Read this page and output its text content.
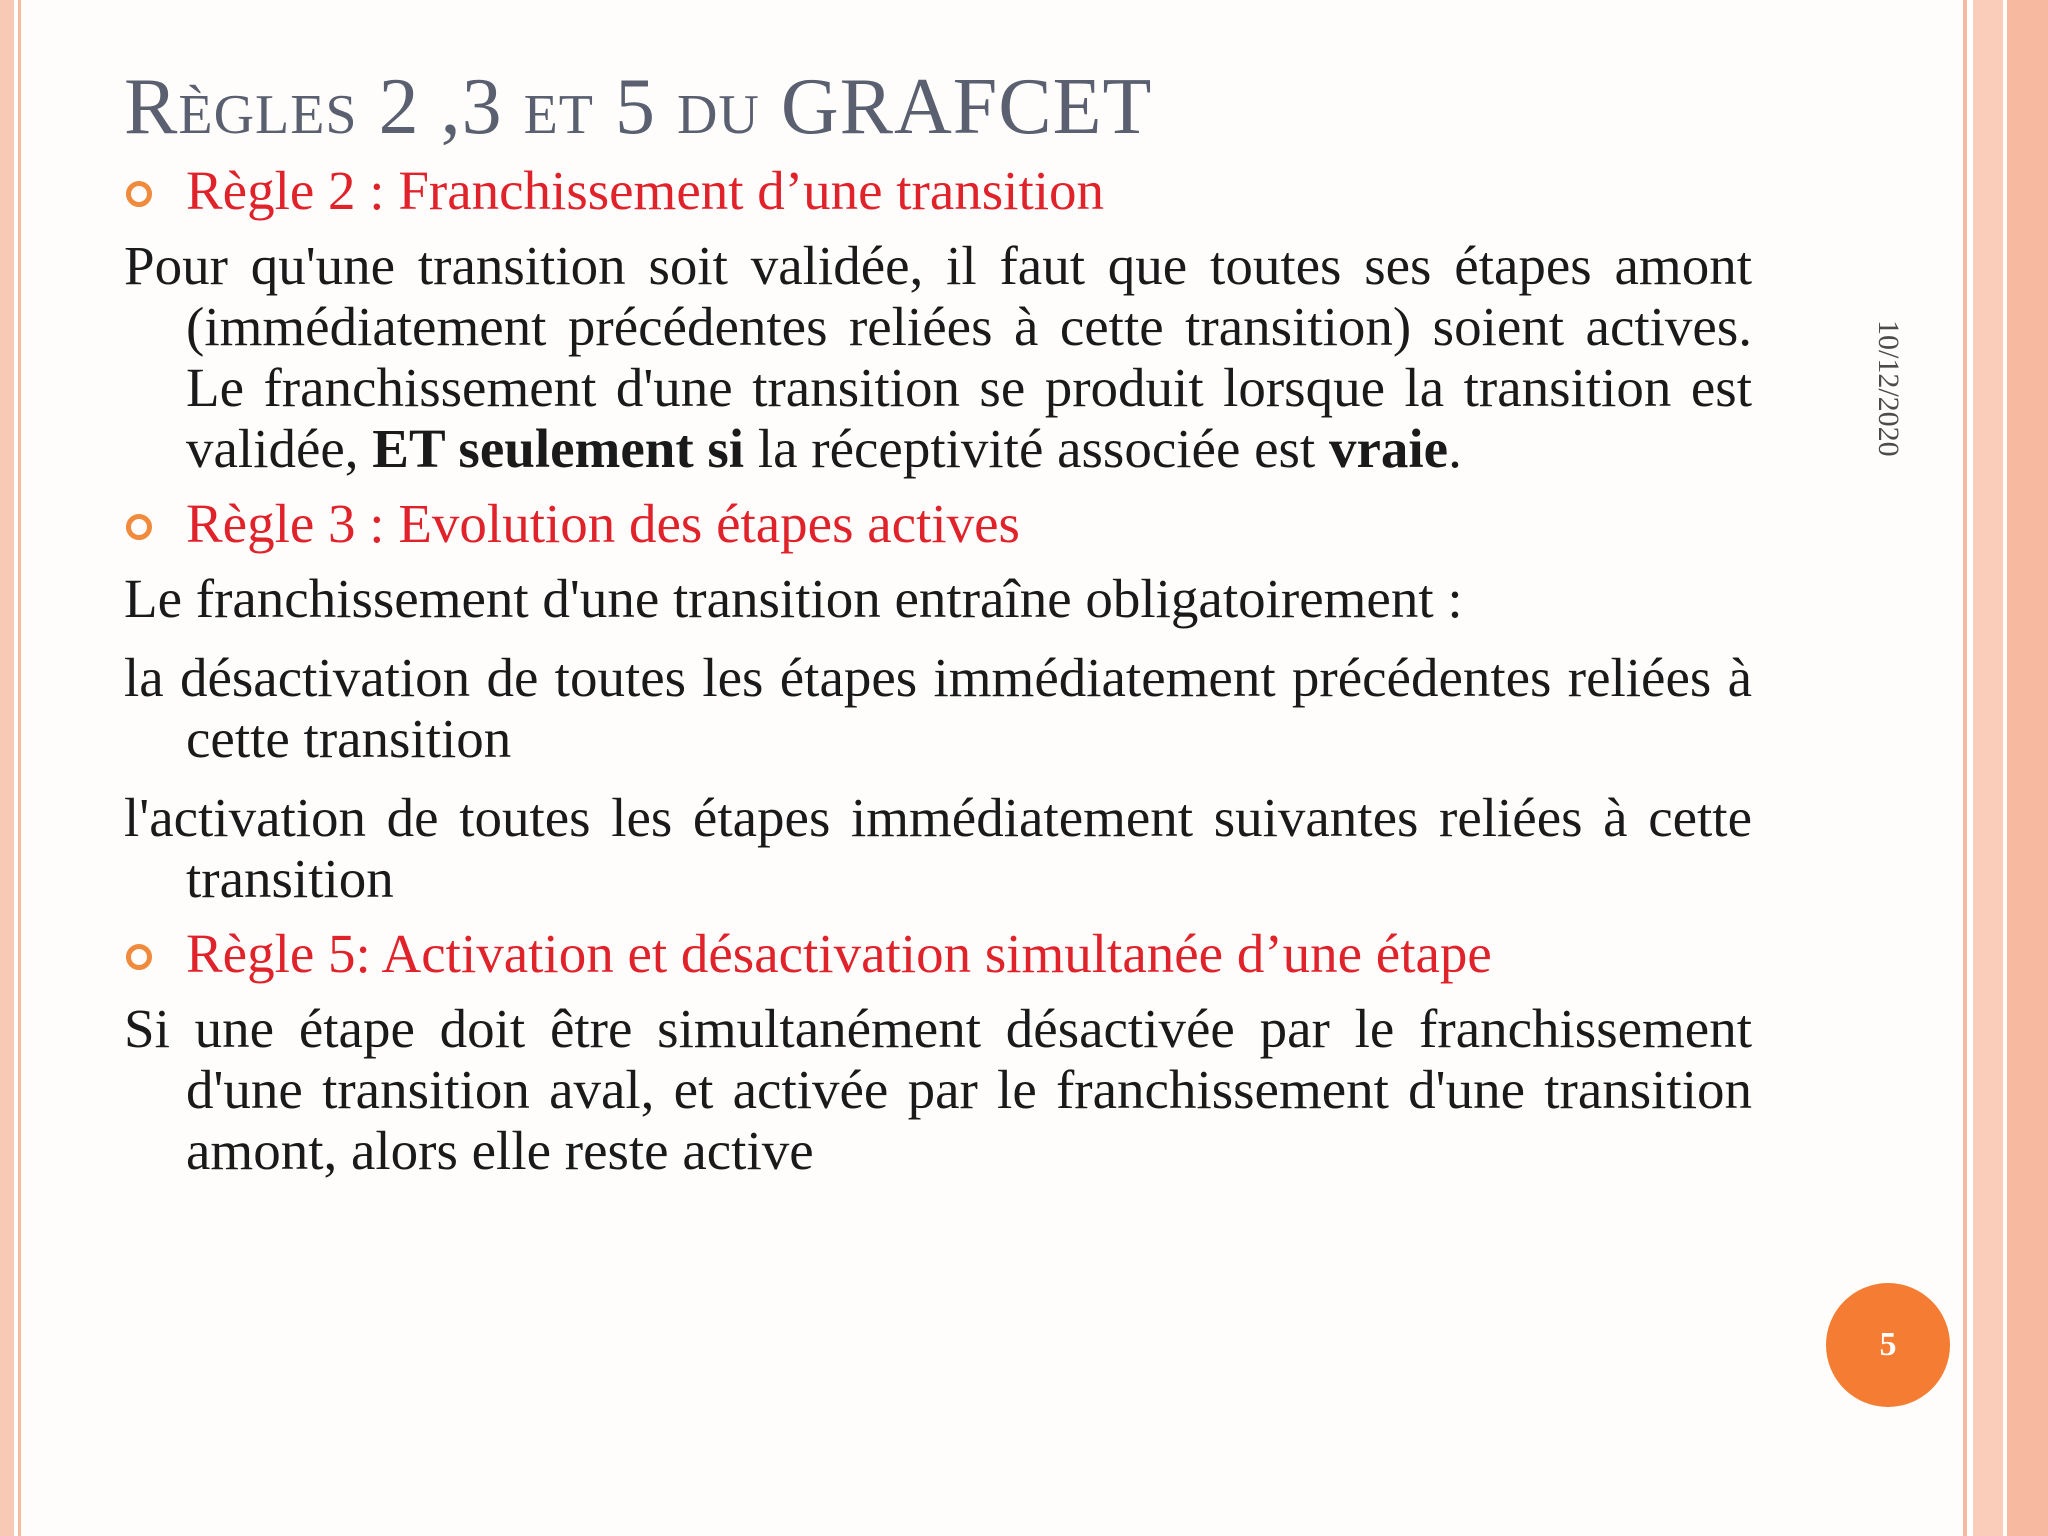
Règles 2 ,3 et 5 du GRAFCET
Règle 2 : Franchissement d’une transition
Pour qu'une transition soit validée, il faut que toutes ses étapes amont (immédiatement précédentes reliées à cette transition) soient actives. Le franchissement d'une transition se produit lorsque la transition est validée, ET seulement si la réceptivité associée est vraie.
Règle 3 : Evolution des étapes actives
Le franchissement d'une transition entraîne obligatoirement :
la désactivation de toutes les étapes immédiatement précédentes reliées à cette transition
l'activation de toutes les étapes immédiatement suivantes reliées à cette transition
Règle 5: Activation et désactivation simultanée d’une étape
Si une étape doit être simultanément désactivée par le franchissement d'une transition aval, et activée par le franchissement d'une transition amont, alors elle reste active
10/12/2020
5
